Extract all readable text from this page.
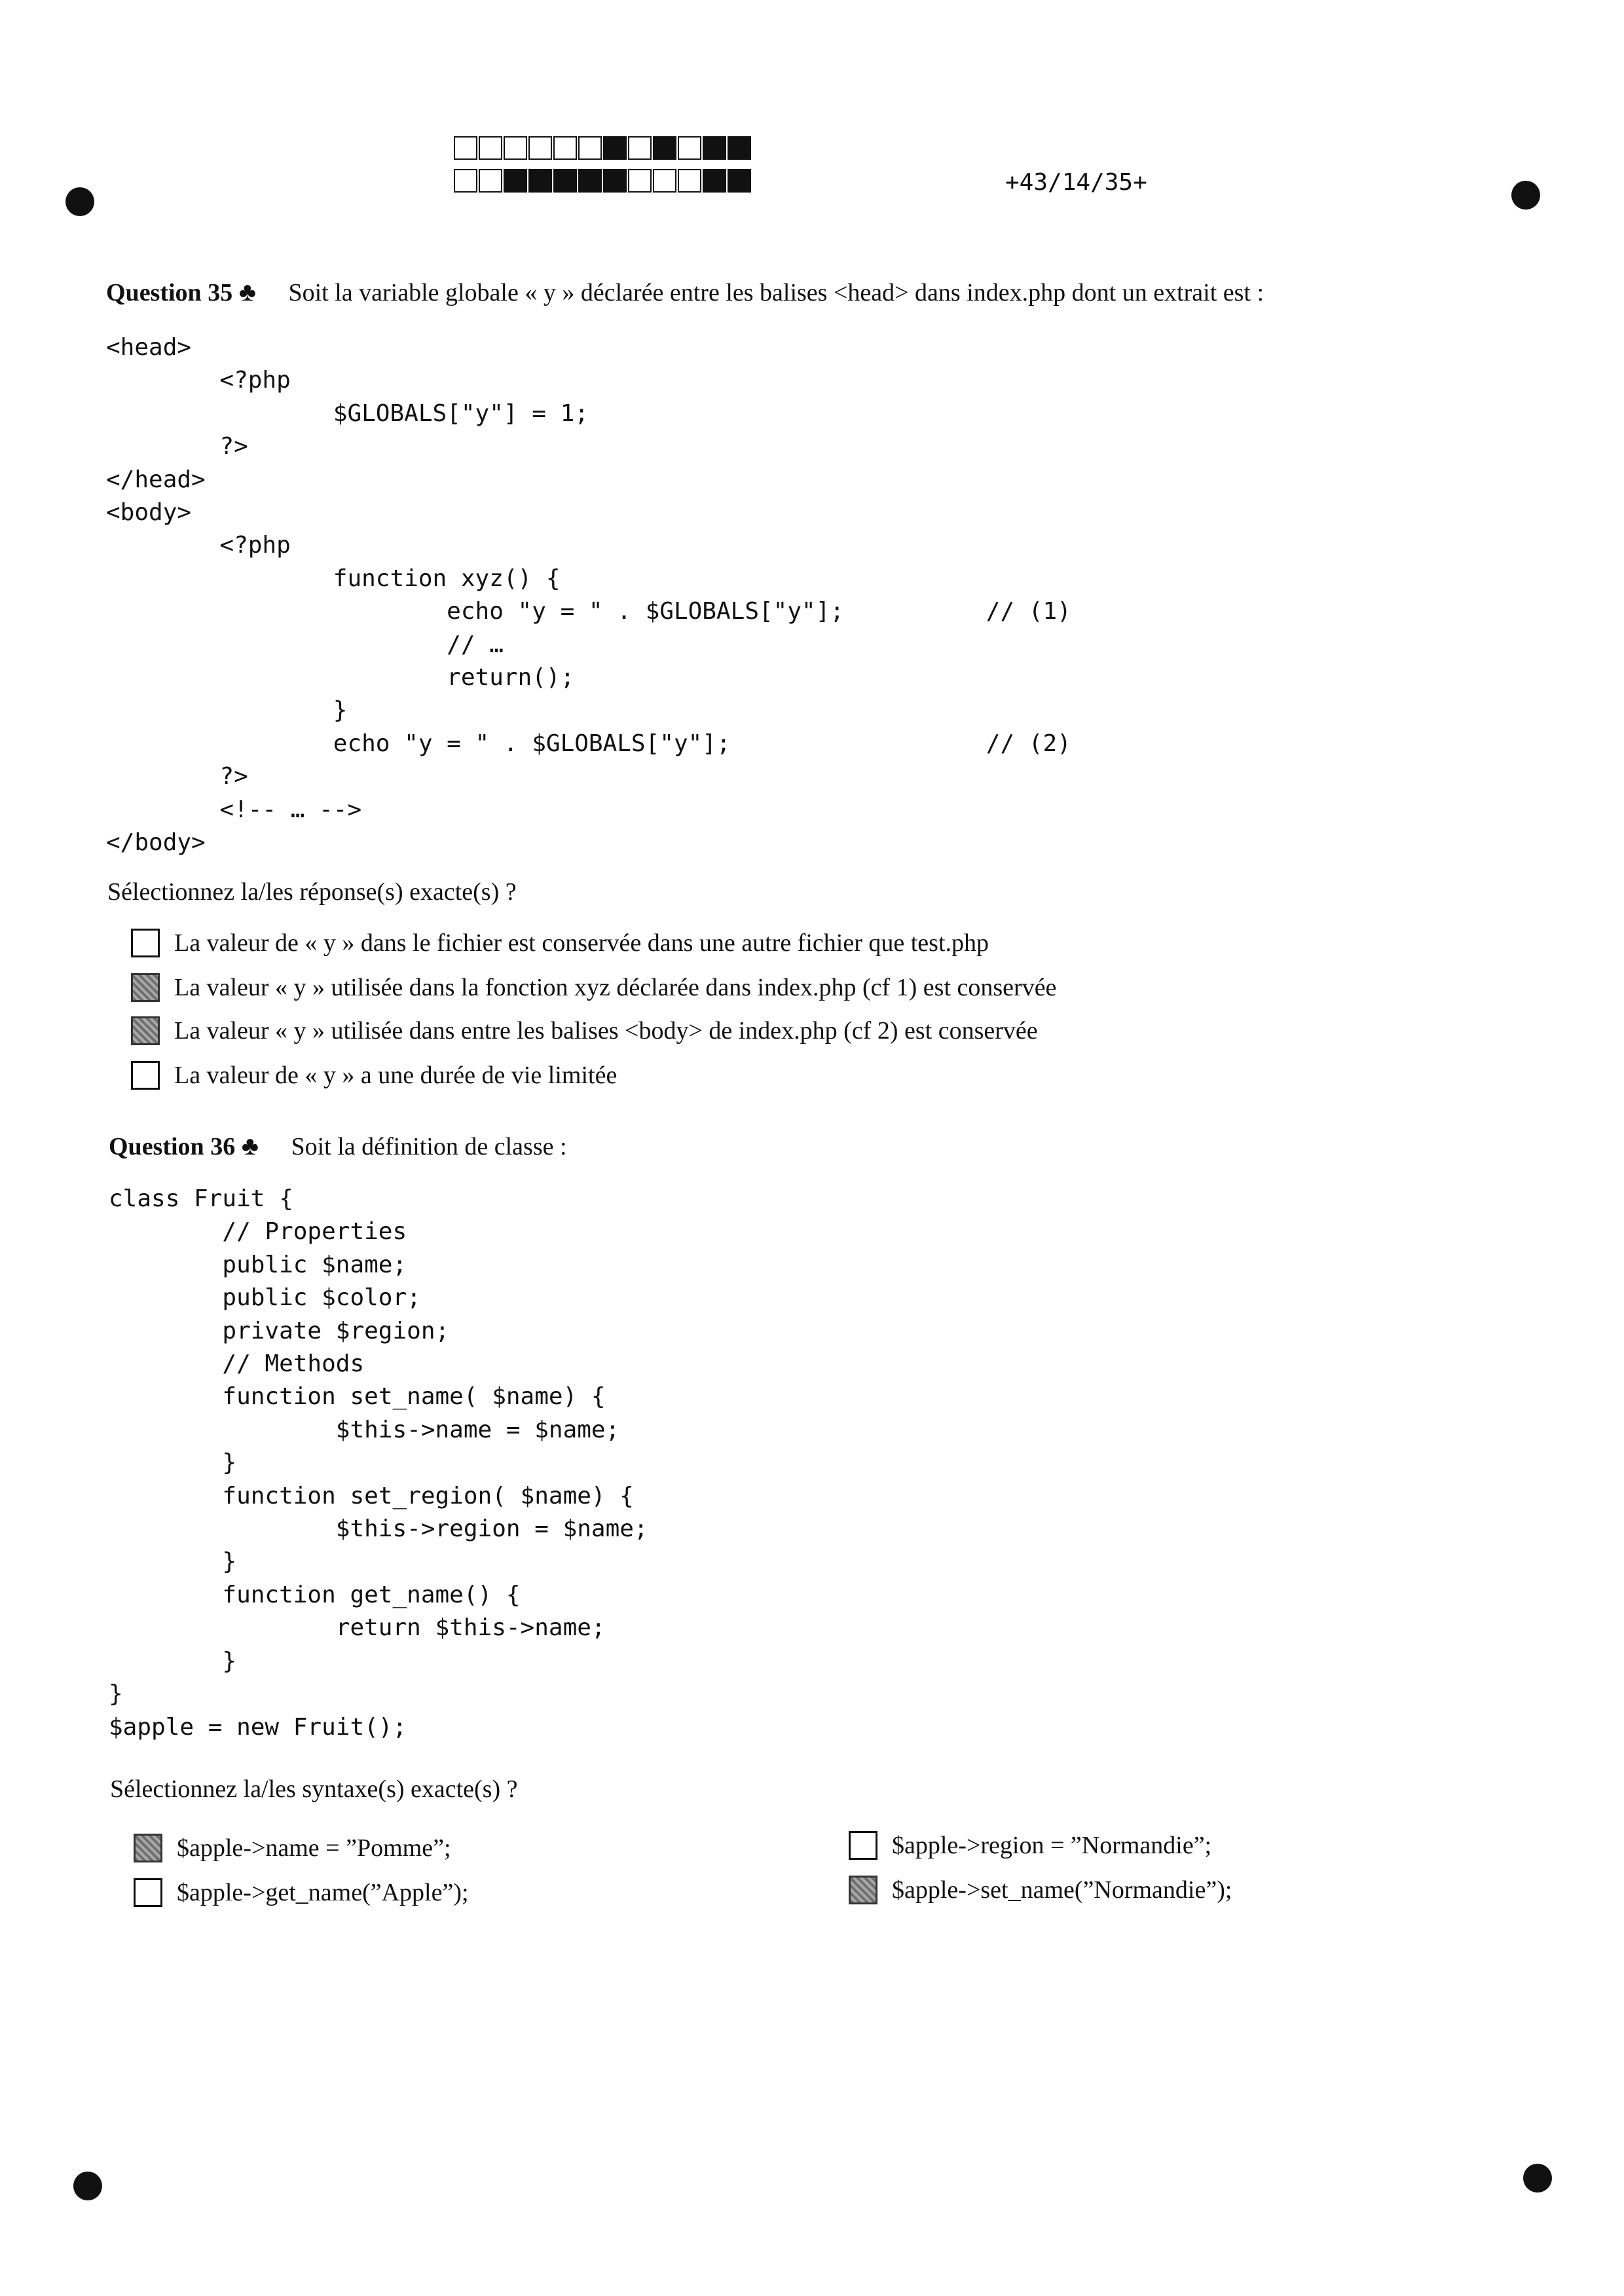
+43/14/35+
Question 35 ♣ Soit la variable globale « y » déclarée entre les balises <head> dans index.php dont un extrait est :
<head>
<?php
$GLOBALS["y"] = 1;
?>
</head>
<body>
<?php
function xyz() {
echo "y = " . $GLOBALS["y"];          // (1)
// …
return();
}
echo "y = " . $GLOBALS["y"];                  // (2)
?>
<!-- … -->
</body>
Sélectionnez la/les réponse(s) exacte(s) ?
La valeur de « y » dans le fichier est conservée dans une autre fichier que test.php
La valeur « y » utilisée dans la fonction xyz déclarée dans index.php (cf 1) est conservée
La valeur « y » utilisée dans entre les balises <body> de index.php (cf 2) est conservée
La valeur de « y » a une durée de vie limitée
Question 36 ♣ Soit la définition de classe :
class Fruit {
// Properties
public $name;
public $color;
private $region;
// Methods
function set_name( $name) {
$this->name = $name;
}
function set_region( $name) {
$this->region = $name;
}
function get_name() {
return $this->name;
}
}
$apple = new Fruit();
Sélectionnez la/les syntaxe(s) exacte(s) ?
$apple->name = ”Pomme”;
$apple->get_name(”Apple”);
$apple->region = ”Normandie”;
$apple->set_name(”Normandie”);
